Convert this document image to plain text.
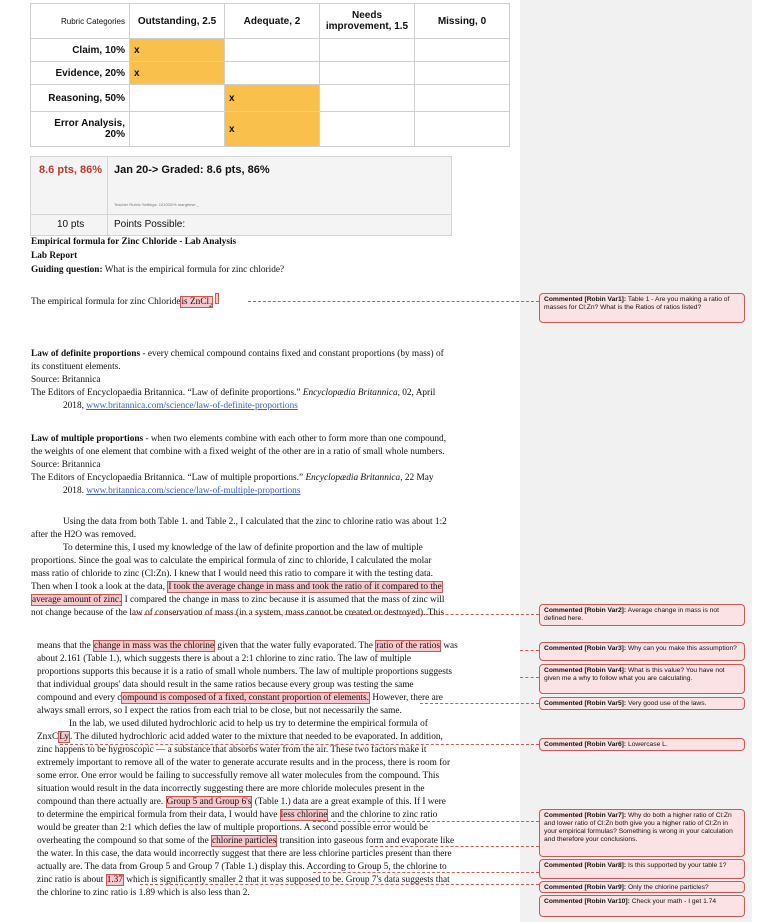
Rubric Categories	Outstanding, 2.5	Adequate, 2	Needs improvement, 1.5	Missing, 0
Claim, 10%	x			
Evidence, 20%	x			
Reasoning, 50%		x		
Error Analysis, 20%		x		
8.6 pts, 86% Jan 20-> Graded: 8.6 pts, 86%
Teacher Rubric Settings: 101000/% marghese _
10 pts	Points Possible:
Empirical formula for Zinc Chloride - Lab Analysis
Lab Report
Guiding question: What is the empirical formula for zinc chloride?
The empirical formula for zinc Chlorideis ZnCl$_2$
Law of definite proportions - every chemical compound contains fixed and constant proportions (by mass) of
its constituent elements.
Source: Britannica
The Editors of Encyclopaedia Britannica. “Law of definite proportions.” Encyclopædia Britannica, 02, April
2018, www.britannica.com/science/law-of-definite-proportions
Law of multiple proportions - when two elements combine with each other to form more than one compound,
the weights of one element that combine with a fixed weight of the other are in a ratio of small whole numbers.
Source: Britannica
The Editors of Encyclopaedia Britannica. “Law of multiple proportions.” Encyclopædia Britannica, 22 May
2018. www.britannica.com/science/law-of-multiple-proportions
Using the data from both Table 1. and Table 2., I calculated that the zinc to chlorine ratio was about 1:2
after the H2O was removed.
To determine this, I used my knowledge of the law of definite proportion and the law of multiple
proportions. Since the goal was to calculate the empirical formula of zinc to chloride, I calculated the molar
mass ratio of chloride to zinc (Cl:Zn). I knew that I would need this ratio to compare it with the testing data.
Then when I took a look at the data, I took the average change in mass and took the ratio of it compared to the
average amount of zinc. I compared the change in mass to zinc because it is assumed that the mass of zinc will
not change because of the law of conservation of mass (in a system, mass cannot be created or destroyed). This
means that the change in mass was the chlorine given that the water fully evaporated. The ratio of the ratios was
about 2.161 (Table 1.), which suggests there is about a 2:1 chlorine to zinc ratio. The law of multiple
proportions supports this because it is a ratio of small whole numbers. The law of multiple proportions suggests
that individual groups' data should result in the same ratios because every group was testing the same
compound and every compound is composed of a fixed, constant proportion of elements. However, there are
always small errors, so I expect the ratios from each trial to be close, but not necessarily the same.
In the lab, we used diluted hydrochloric acid to help us try to determine the empirical formula of
ZnxCLy. The diluted hydrochloric acid added water to the mixture that needed to be evaporated. In addition,
zinc happens to be hygroscopic — a substance that absorbs water from the air. These two factors make it
extremely important to remove all of the water to generate accurate results and in the process, there is room for
some error. One error would be failing to successfully remove all water molecules from the compound. This
situation would result in the data incorrectly suggesting there are more chloride molecules present in the
compound than there actually are. Group 5 and Group 6's (Table 1.) data are a great example of this. If I were
to determine the empirical formula from their data, I would have less chlorine and the chlorine to zinc ratio
would be greater than 2:1 which defies the law of multiple proportions. A second possible error would be
overheating the compound so that some of the chlorine particles transition into gaseous form and evaporate like
the water. In this case, the data would incorrectly suggest that there are less chlorine particles present than there
actually are. The data from Group 5 and Group 7 (Table 1.) display this. According to Group 5, the chlorine to
zinc ratio is about 1.37 which is significantly smaller 2 that it was supposed to be. Group 7's data suggests that
the chlorine to zinc ratio is 1.89 which is also less than 2.
Commented [Robin Var1]: Table 1 - Are you making a ratio of masses for Cl:Zn? What is the Ratios of ratios listed?
Commented [Robin Var2]: Average change in mass is not defined here.
Commented [Robin Var3]: Why can you make this assumption?
Commented [Robin Var4]: What is this value? You have not given me a why to follow what you are calculating.
Commented [Robin Var5]: Very good use of the laws.
Commented [Robin Var6]: Lowercase L.
Commented [Robin Var7]: Why do both a higher ratio of Cl:Zn and lower ratio of Cl:Zn both give you a higher ratio of Cl:Zn in your empirical formulas? Something is wrong in your calculation and therefore your conclusions.
Commented [Robin Var8]: Is this supported by your table 1?
Commented [Robin Var9]: Only the chlorine particles?
Commented [Robin Var10]: Check your math - I get 1.74
